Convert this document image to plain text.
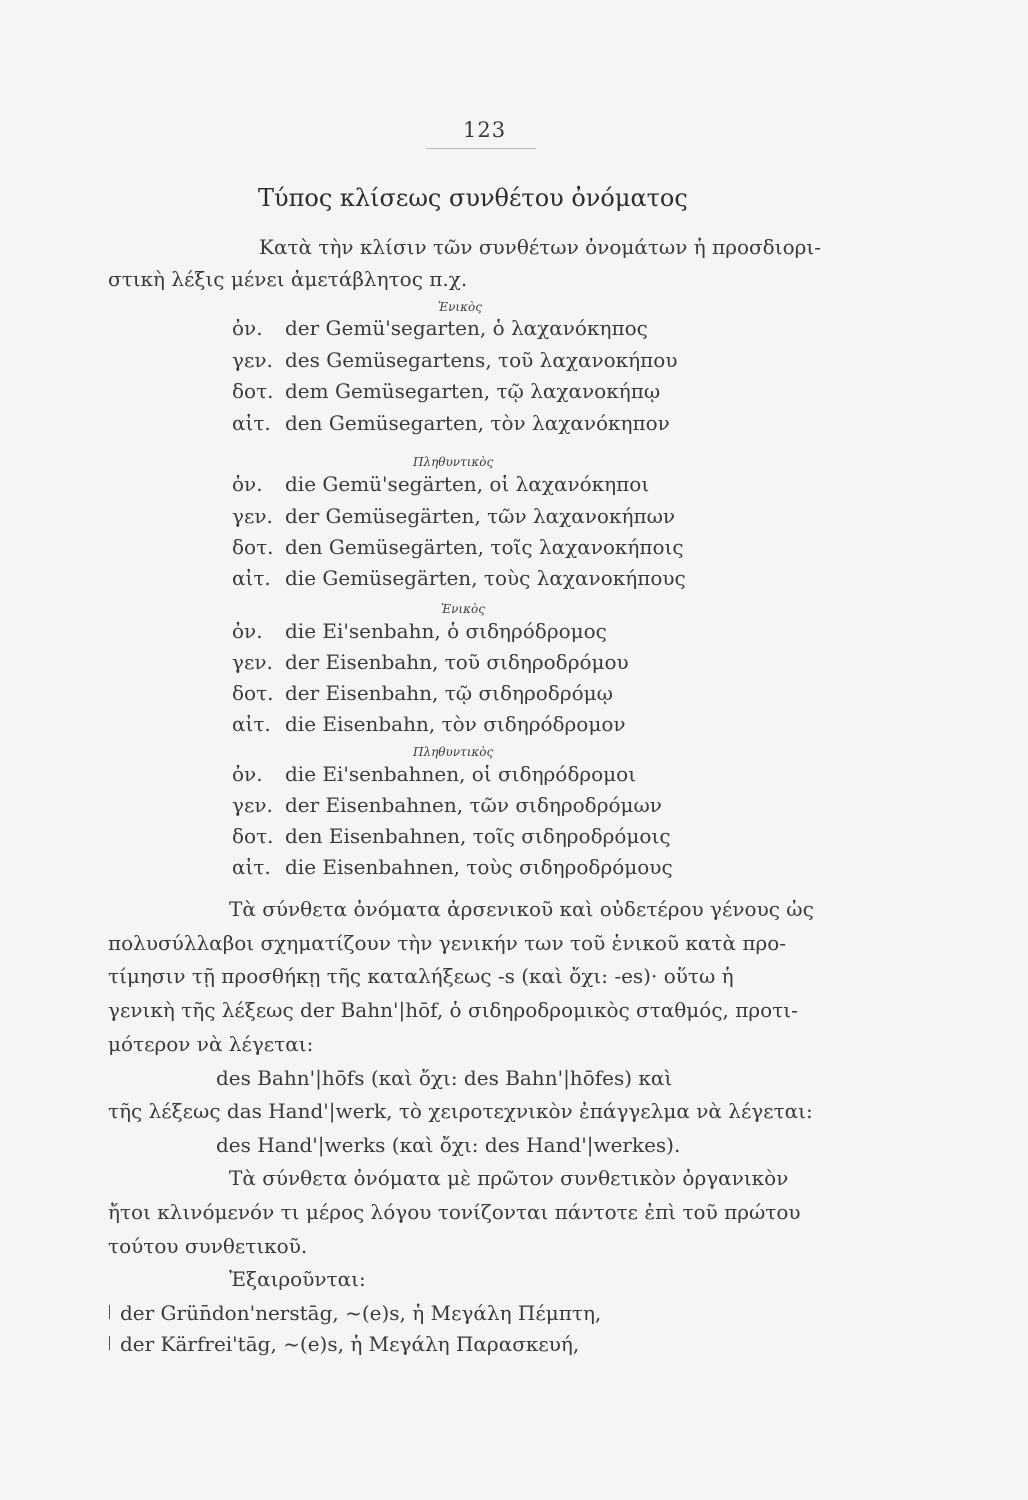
123
Τύπος κλίσεως συνθέτου ὀνόματος
Κατὰ τὴν κλίσιν τῶν συνθέτων ὀνομάτων ἡ προσδιορι-
στικὴ λέξις μένει ἀμετάβλητος π.χ.
Ἑνικὸς
ὀν. der Gemü'segarten, ὁ λαχανόκηπος
γεν. des Gemüsegartens, τοῦ λαχανοκήπου
δοτ. dem Gemüsegarten, τῷ λαχανοκήπῳ
αἰτ. den Gemüsegarten, τὸν λαχανόκηπον
Πληθυντικὸς
ὀν. die Gemü'segärten, οἱ λαχανόκηποι
γεν. der Gemüsegärten, τῶν λαχανοκήπων
δοτ. den Gemüsegärten, τοῖς λαχανοκήποις
αἰτ. die Gemüsegärten, τοὺς λαχανοκήπους
Ἑνικὸς
ὀν. die Ei'senbahn, ὁ σιδηρόδρομος
γεν. der Eisenbahn, τοῦ σιδηροδρόμου
δοτ. der Eisenbahn, τῷ σιδηροδρόμῳ
αἰτ. die Eisenbahn, τὸν σιδηρόδρομον
Πληθυντικὸς
ὀν. die Ei'senbahnen, οἱ σιδηρόδρομοι
γεν. der Eisenbahnen, τῶν σιδηροδρόμων
δοτ. den Eisenbahnen, τοῖς σιδηροδρόμοις
αἰτ. die Eisenbahnen, τοὺς σιδηροδρόμους
Τὰ σύνθετα ὀνόματα ἀρσενικοῦ καὶ οὐδετέρου γένους ὡς
πολυσύλλαβοι σχηματίζουν τὴν γενικήν των τοῦ ἑνικοῦ κατὰ προ-
τίμησιν τῇ προσθήκῃ τῆς καταλήξεως -s (καὶ ὄχι: -es)· οὕτω ἡ
γενικὴ τῆς λέξεως der Bahn'|hōf, ὁ σιδηροδρομικὸς σταθμός, προτι-
μότερον νὰ λέγεται:
des Bahn'|hōfs (καὶ ὄχι: des Bahn'|hōfes) καὶ
τῆς λέξεως das Hand'|werk, τὸ χειροτεχνικὸν ἐπάγγελμα νὰ λέγεται:
des Hand'|werks (καὶ ὄχι: des Hand'|werkes).
Τὰ σύνθετα ὀνόματα μὲ πρῶτον συνθετικὸν ὀργανικὸν
ἤτοι κλινόμενόν τι μέρος λόγου τονίζονται πάντοτε ἐπὶ τοῦ πρώτου
τούτου συνθετικοῦ.
Ἐξαιροῦνται:
der Grün̄don'nerstāg, ~(e)s, ἡ Μεγάλη Πέμπτη,
der Kärfrei'tāg, ~(e)s, ἡ Μεγάλη Παρασκευή,
